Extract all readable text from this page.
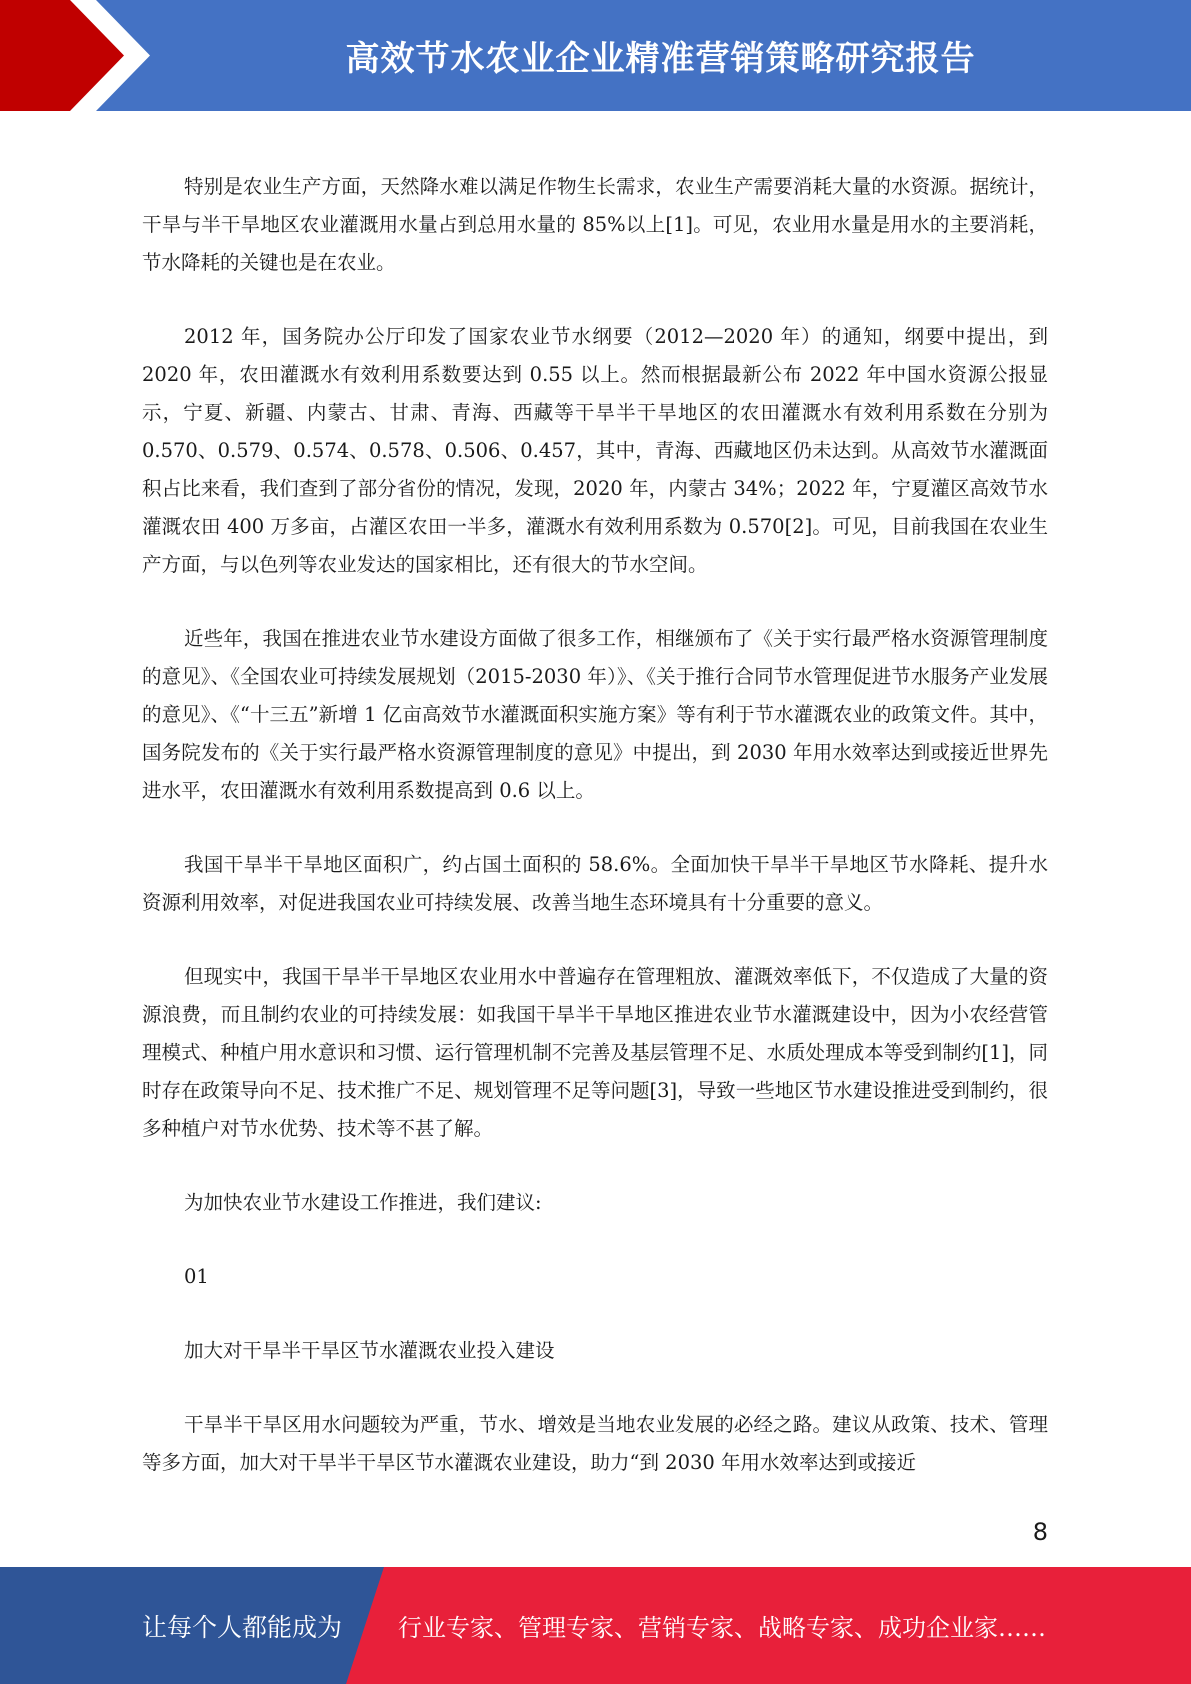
高效节水农业企业精准营销策略研究报告

特别是农业生产方面，天然降水难以满足作物生长需求，农业生产需要消耗大量的水资源。据统计，干旱与半干旱地区农业灌溉用水量占到总用水量的 85%以上[1]。可见，农业用水量是用水的主要消耗，节水降耗的关键也是在农业。

2012 年，国务院办公厅印发了国家农业节水纲要（2012—2020 年）的通知，纲要中提出，到 2020 年，农田灌溉水有效利用系数要达到 0.55 以上。然而根据最新公布 2022 年中国水资源公报显示，宁夏、新疆、内蒙古、甘肃、青海、西藏等干旱半干旱地区的农田灌溉水有效利用系数在分别为 0.570、0.579、0.574、0.578、0.506、0.457，其中，青海、西藏地区仍未达到。从高效节水灌溉面积占比来看，我们查到了部分省份的情况，发现，2020 年，内蒙古 34%；2022 年，宁夏灌区高效节水灌溉农田 400 万多亩，占灌区农田一半多，灌溉水有效利用系数为 0.570[2]。可见，目前我国在农业生产方面，与以色列等农业发达的国家相比，还有很大的节水空间。

近些年，我国在推进农业节水建设方面做了很多工作，相继颁布了《关于实行最严格水资源管理制度的意见》、《全国农业可持续发展规划（2015-2030 年）》、《关于推行合同节水管理促进节水服务产业发展的意见》、《“十三五”新增 1 亿亩高效节水灌溉面积实施方案》等有利于节水灌溉农业的政策文件。其中，国务院发布的《关于实行最严格水资源管理制度的意见》中提出，到 2030 年用水效率达到或接近世界先进水平，农田灌溉水有效利用系数提高到 0.6 以上。

我国干旱半干旱地区面积广，约占国土面积的 58.6%。全面加快干旱半干旱地区节水降耗、提升水资源利用效率，对促进我国农业可持续发展、改善当地生态环境具有十分重要的意义。

但现实中，我国干旱半干旱地区农业用水中普遍存在管理粗放、灌溉效率低下，不仅造成了大量的资源浪费，而且制约农业的可持续发展：如我国干旱半干旱地区推进农业节水灌溉建设中，因为小农经营管理模式、种植户用水意识和习惯、运行管理机制不完善及基层管理不足、水质处理成本等受到制约[1]，同时存在政策导向不足、技术推广不足、规划管理不足等问题[3]，导致一些地区节水建设推进受到制约，很多种植户对节水优势、技术等不甚了解。

为加快农业节水建设工作推进，我们建议:

01

加大对干旱半干旱区节水灌溉农业投入建设

干旱半干旱区用水问题较为严重，节水、增效是当地农业发展的必经之路。建议从政策、技术、管理等多方面，加大对干旱半干旱区节水灌溉农业建设，助力“到 2030 年用水效率达到或接近

8
让每个人都能成为 行业专家、管理专家、营销专家、战略专家、成功企业家……
